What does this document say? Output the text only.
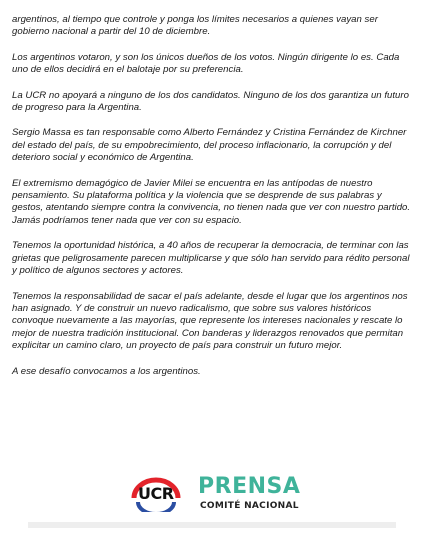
argentinos, al tiempo que controle y ponga los límites necesarios a quienes vayan ser gobierno nacional a partir del 10 de diciembre.

Los argentinos votaron, y son los únicos dueños de los votos. Ningún dirigente lo es. Cada uno de ellos decidirá en el balotaje por su preferencia.

La UCR no apoyará a ninguno de los dos candidatos. Ninguno de los dos garantiza un futuro de progreso para la Argentina.

Sergio Massa es tan responsable como Alberto Fernández y Cristina Fernández de Kirchner del estado del país, de su empobrecimiento, del proceso inflacionario, la corrupción y del deterioro social y económico de Argentina.

El extremismo demagógico de Javier Milei se encuentra en las antípodas de nuestro pensamiento. Su plataforma política y la violencia que se desprende de sus palabras y gestos, atentando siempre contra la convivencia, no tienen nada que ver con nuestro partido. Jamás podríamos tener nada que ver con su espacio.

Tenemos la oportunidad histórica, a 40 años de recuperar la democracia, de terminar con las grietas que peligrosamente parecen multiplicarse y que sólo han servido para rédito personal y político de algunos sectores y actores.

Tenemos la responsabilidad de sacar el país adelante, desde el lugar que los argentinos nos han asignado. Y de construir un nuevo radicalismo, que sobre sus valores históricos convoque nuevamente a las mayorías, que represente los intereses nacionales y rescate lo mejor de nuestra tradición institucional. Con banderas y liderazgos renovados que permitan explicitar un camino claro, un proyecto de país para construir un futuro mejor.

A ese desafío convocamos a los argentinos.

UCR PRENSA
COMITÉ NACIONAL
